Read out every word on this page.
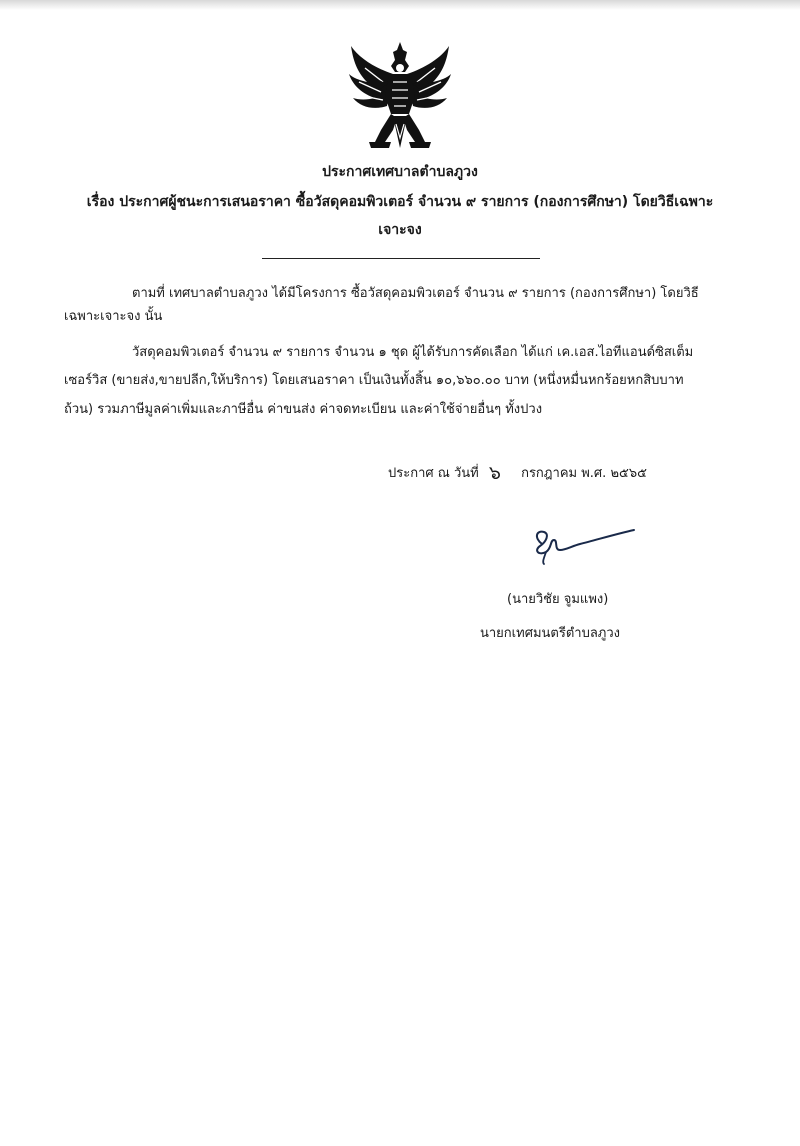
ประกาศเทศบาลตำบลภูวง

เรื่อง ประกาศผู้ชนะการเสนอราคา ซื้อวัสดุคอมพิวเตอร์ จำนวน ๙ รายการ (กองการศึกษา) โดยวิธีเฉพาะ

เจาะจง

ตามที่ เทศบาลตำบลภูวง ได้มีโครงการ ซื้อวัสดุคอมพิวเตอร์ จำนวน ๙ รายการ (กองการศึกษา) โดยวิธี

เฉพาะเจาะจง นั้น

วัสดุคอมพิวเตอร์ จำนวน ๙ รายการ จำนวน ๑ ชุด ผู้ได้รับการคัดเลือก ได้แก่ เค.เอส.ไอทีแอนด์ซิสเต็ม

เซอร์วิส (ขายส่ง,ขายปลีก,ให้บริการ) โดยเสนอราคา เป็นเงินทั้งสิ้น ๑๐,๖๖๐.๐๐ บาท (หนึ่งหมื่นหกร้อยหกสิบบาท

ถ้วน) รวมภาษีมูลค่าเพิ่มและภาษีอื่น ค่าขนส่ง ค่าจดทะเบียน และค่าใช้จ่ายอื่นๆ ทั้งปวง

ประกาศ ณ วันที่ ๖ กรกฎาคม พ.ศ. ๒๕๖๕
(นายวิชัย จูมแพง)
นายกเทศมนตรีตำบลภูวง
